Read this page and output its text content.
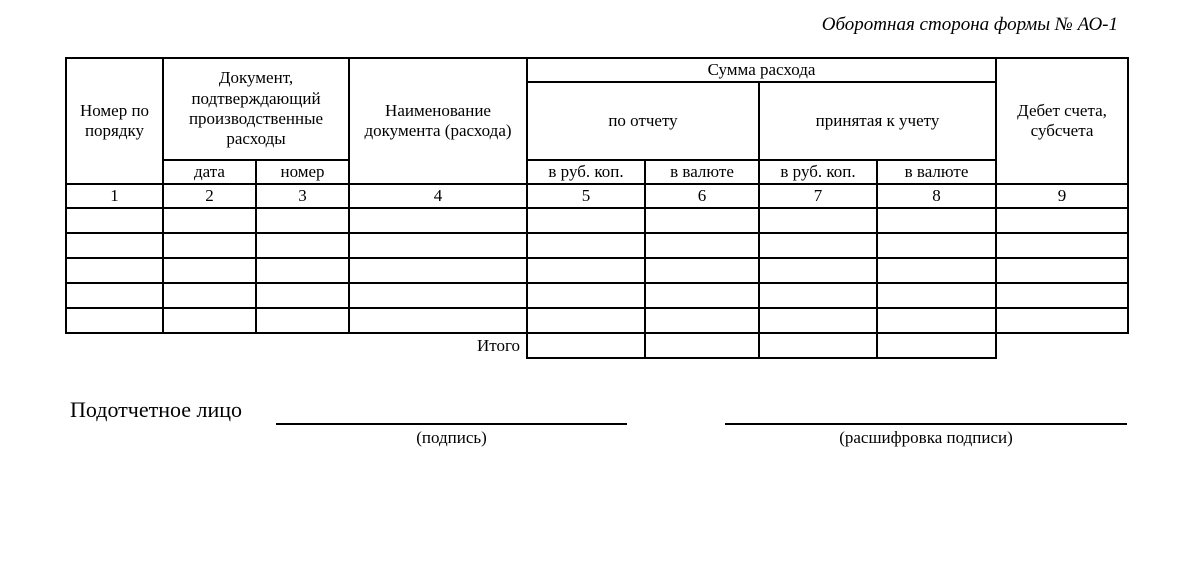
Оборотная сторона формы № АО-1
Номер по порядку	Документ, подтверждающий производственные расходы		Наименование документа (расхода)	Сумма расхода				Дебет счета, субсчета
				по отчету		принятая к учету		
	дата	номер		в руб. коп.	в валюте	в руб. коп.	в валюте	
1	2	3	4	5	6	7	8	9

			Итого					
Подотчетное лицо
(подпись)	(расшифровка подписи)
